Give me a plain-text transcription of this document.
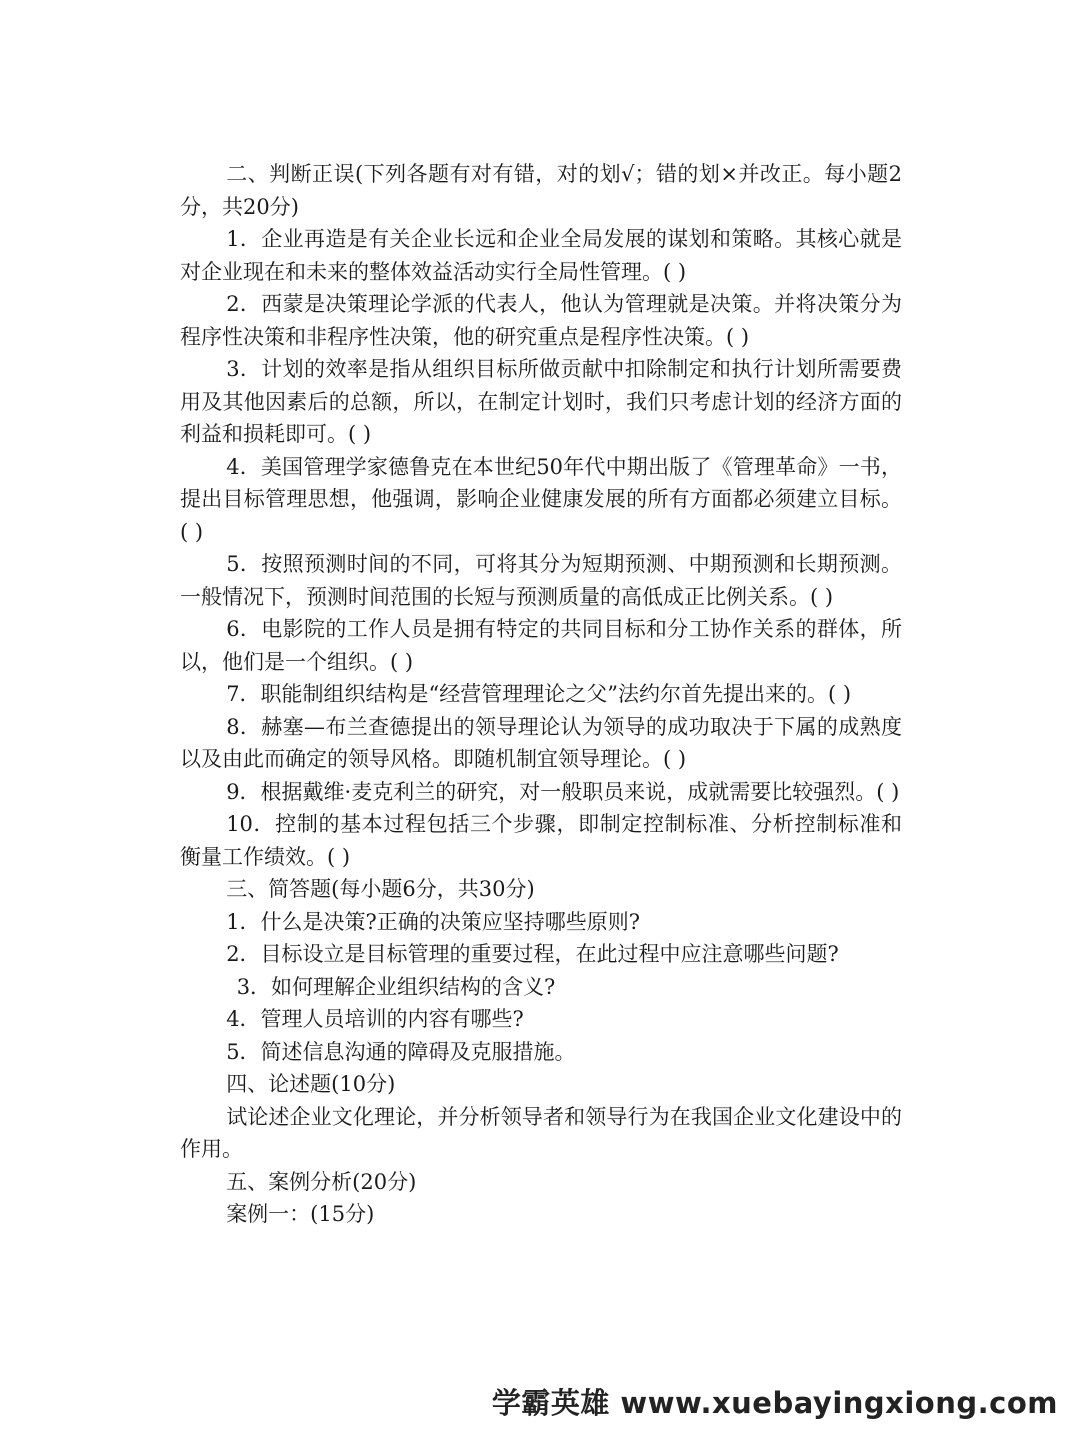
二、判断正误(下列各题有对有错，对的划√；错的划×并改正。每小题2分，共20分)

1．企业再造是有关企业长远和企业全局发展的谋划和策略。其核心就是对企业现在和未来的整体效益活动实行全局性管理。( )

2．西蒙是决策理论学派的代表人，他认为管理就是决策。并将决策分为程序性决策和非程序性决策，他的研究重点是程序性决策。( )

3．计划的效率是指从组织目标所做贡献中扣除制定和执行计划所需要费用及其他因素后的总额，所以，在制定计划时，我们只考虑计划的经济方面的利益和损耗即可。( )

4．美国管理学家德鲁克在本世纪50年代中期出版了《管理革命》一书，提出目标管理思想，他强调，影响企业健康发展的所有方面都必须建立目标。( )

5．按照预测时间的不同，可将其分为短期预测、中期预测和长期预测。一般情况下，预测时间范围的长短与预测质量的高低成正比例关系。( )

6．电影院的工作人员是拥有特定的共同目标和分工协作关系的群体，所以，他们是一个组织。( )

7．职能制组织结构是“经营管理理论之父”法约尔首先提出来的。( )

8．赫塞—布兰查德提出的领导理论认为领导的成功取决于下属的成熟度以及由此而确定的领导风格。即随机制宜领导理论。( )

9．根据戴维·麦克利兰的研究，对一般职员来说，成就需要比较强烈。( )

10．控制的基本过程包括三个步骤，即制定控制标准、分析控制标准和衡量工作绩效。( )

三、简答题(每小题6分，共30分)

1．什么是决策?正确的决策应坚持哪些原则?

2．目标设立是目标管理的重要过程，在此过程中应注意哪些问题?

3．如何理解企业组织结构的含义?

4．管理人员培训的内容有哪些?

5．简述信息沟通的障碍及克服措施。

四、论述题(10分)

试论述企业文化理论，并分析领导者和领导行为在我国企业文化建设中的作用。

五、案例分析(20分)

案例一：(15分)

学霸英雄 www.xuebayingxiong.com
